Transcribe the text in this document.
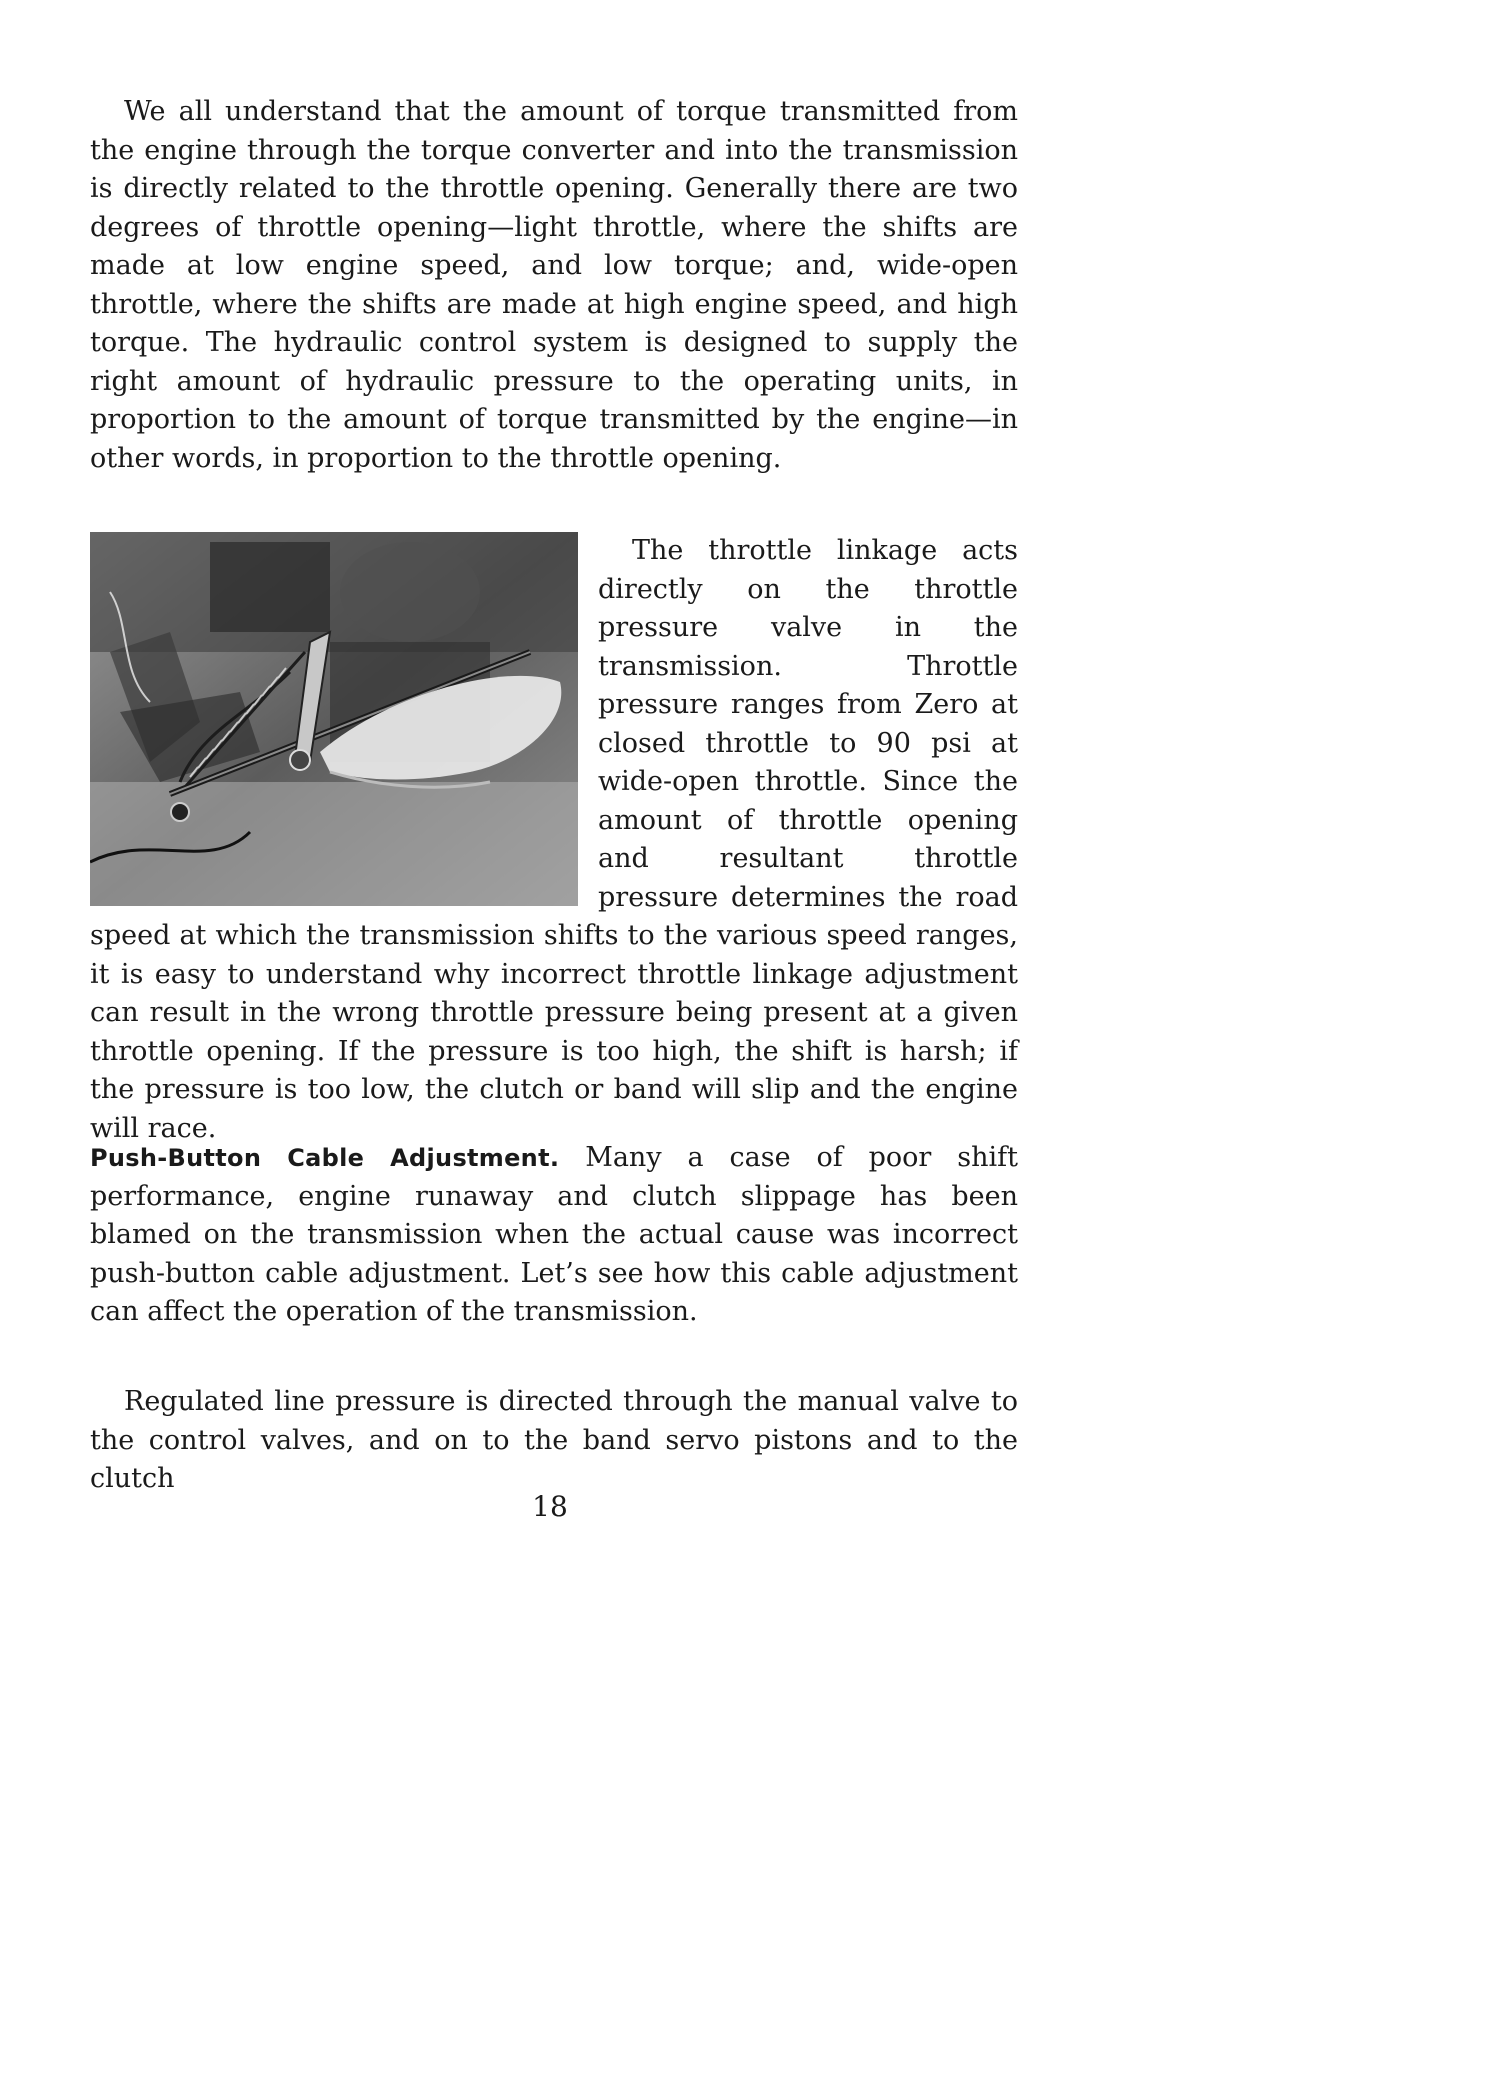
We all understand that the amount of torque transmitted from the engine through the torque converter and into the transmission is directly related to the throttle opening. Generally there are two degrees of throttle opening—light throttle, where the shifts are made at low engine speed, and low torque; and, wide-open throttle, where the shifts are made at high engine speed, and high torque. The hydraulic control system is designed to supply the right amount of hydraulic pressure to the operating units, in proportion to the amount of torque transmitted by the engine—in other words, in proportion to the throttle opening.

The throttle linkage acts directly on the throttle pressure valve in the transmission. Throttle pressure ranges from Zero at closed throttle to 90 psi at wide-open throttle. Since the amount of throttle opening and resultant throttle pressure determines the road speed at which the transmission shifts to the various speed ranges, it is easy to understand why incorrect throttle linkage adjustment can result in the wrong throttle pressure being present at a given throttle opening. If the pressure is too high, the shift is harsh; if the pressure is too low, the clutch or band will slip and the engine will race.

Push-Button Cable Adjustment. Many a case of poor shift performance, engine runaway and clutch slippage has been blamed on the transmission when the actual cause was incorrect push-button cable adjustment. Let’s see how this cable adjustment can affect the operation of the transmission.

Regulated line pressure is directed through the manual valve to the control valves, and on to the band servo pistons and to the clutch

18
